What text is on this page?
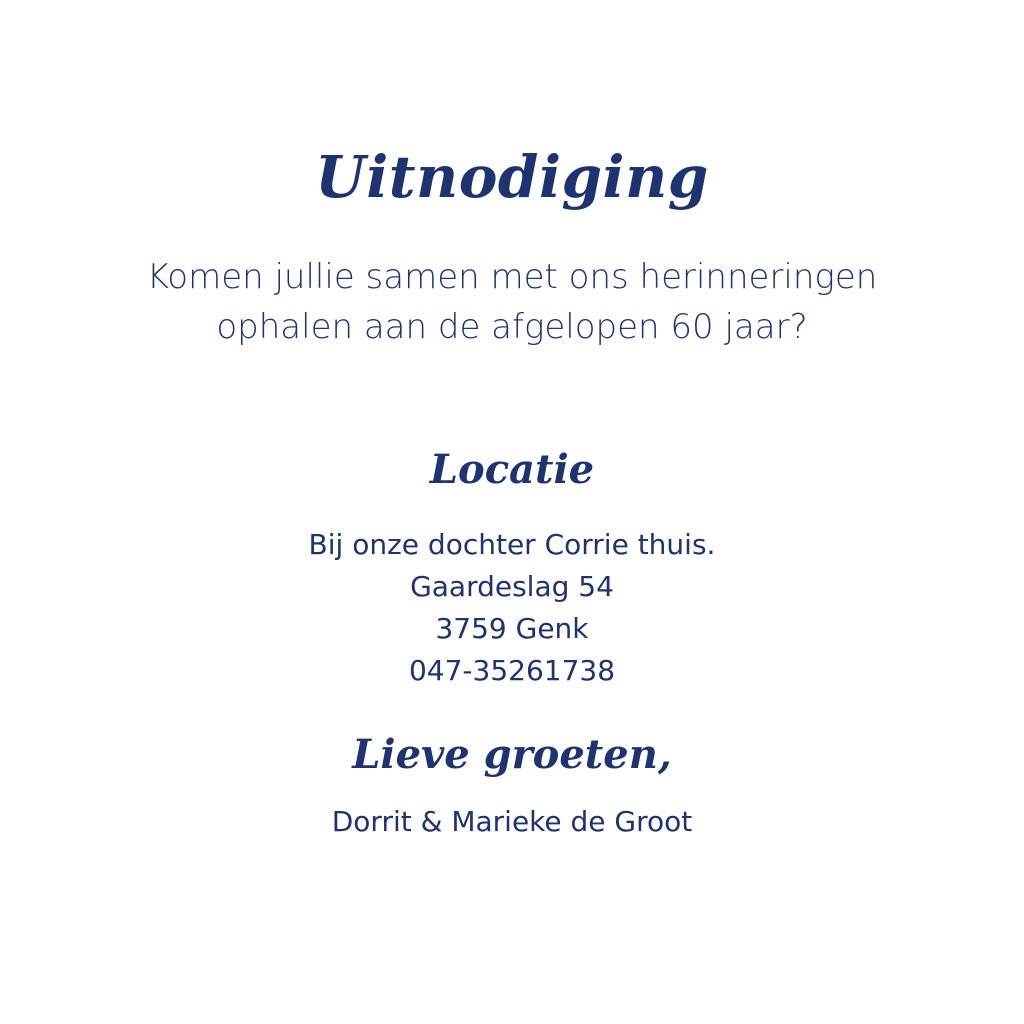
Uitnodiging
Komen jullie samen met ons herinneringen
ophalen aan de afgelopen 60 jaar?
Locatie
Bij onze dochter Corrie thuis.
Gaardeslag 54
3759 Genk
047-35261738
Lieve groeten,
Dorrit & Marieke de Groot
